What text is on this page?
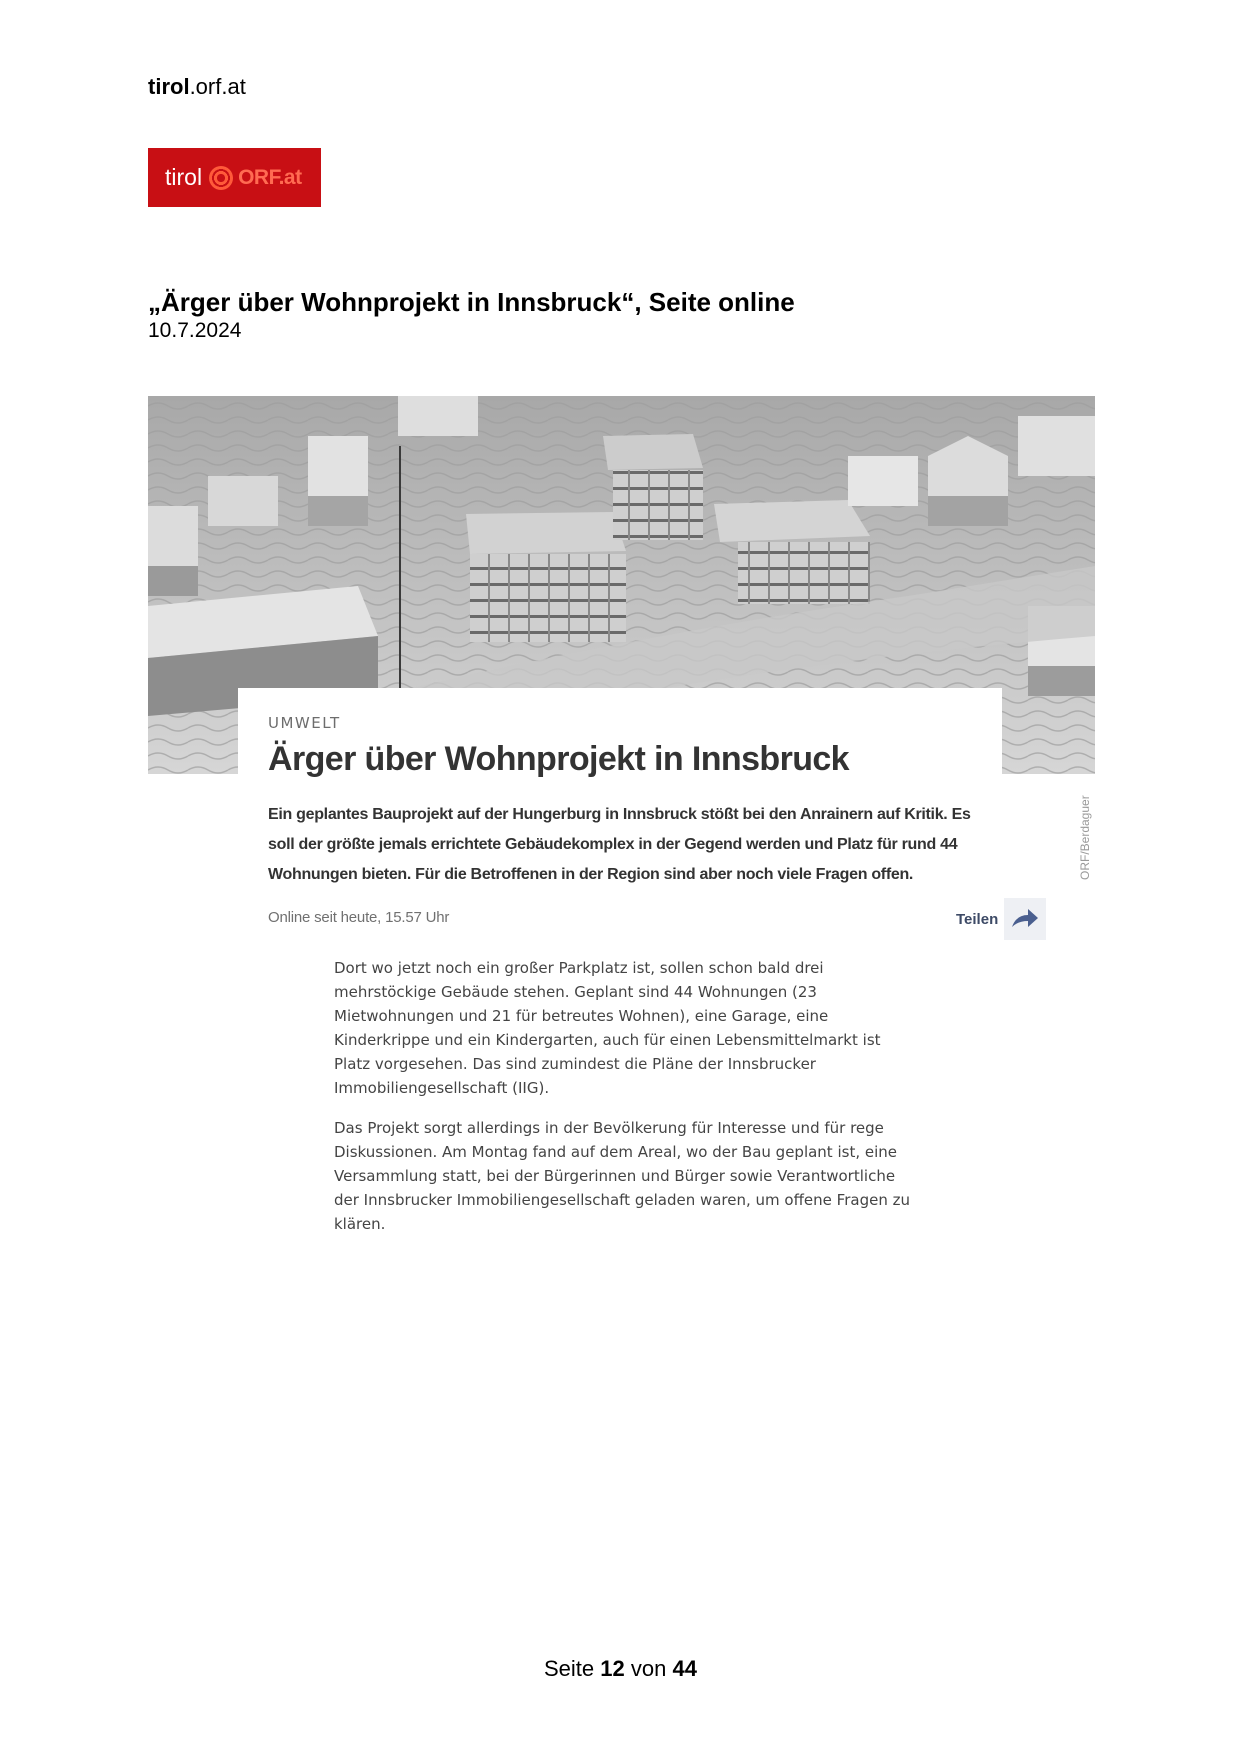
tirol.orf.at
tirol ORF.at
„Ärger über Wohnprojekt in Innsbruck“, Seite online
10.7.2024
ORF/Berdaguer
UMWELT
Ärger über Wohnprojekt in Innsbruck
Ein geplantes Bauprojekt auf der Hungerburg in Innsbruck stößt bei den Anrainern auf Kritik. Es soll der größte jemals errichtete Gebäudekomplex in der Gegend werden und Platz für rund 44 Wohnungen bieten. Für die Betroffenen in der Region sind aber noch viele Fragen offen.
Online seit heute, 15.57 Uhr	Teilen

Dort wo jetzt noch ein großer Parkplatz ist, sollen schon bald drei mehrstöckige Gebäude stehen. Geplant sind 44 Wohnungen (23 Mietwohnungen und 21 für betreutes Wohnen), eine Garage, eine Kinderkrippe und ein Kindergarten, auch für einen Lebensmittelmarkt ist Platz vorgesehen. Das sind zumindest die Pläne der Innsbrucker Immobiliengesellschaft (IIG).

Das Projekt sorgt allerdings in der Bevölkerung für Interesse und für rege Diskussionen. Am Montag fand auf dem Areal, wo der Bau geplant ist, eine Versammlung statt, bei der Bürgerinnen und Bürger sowie Verantwortliche der Innsbrucker Immobiliengesellschaft geladen waren, um offene Fragen zu klären.

Seite 12 von 44
